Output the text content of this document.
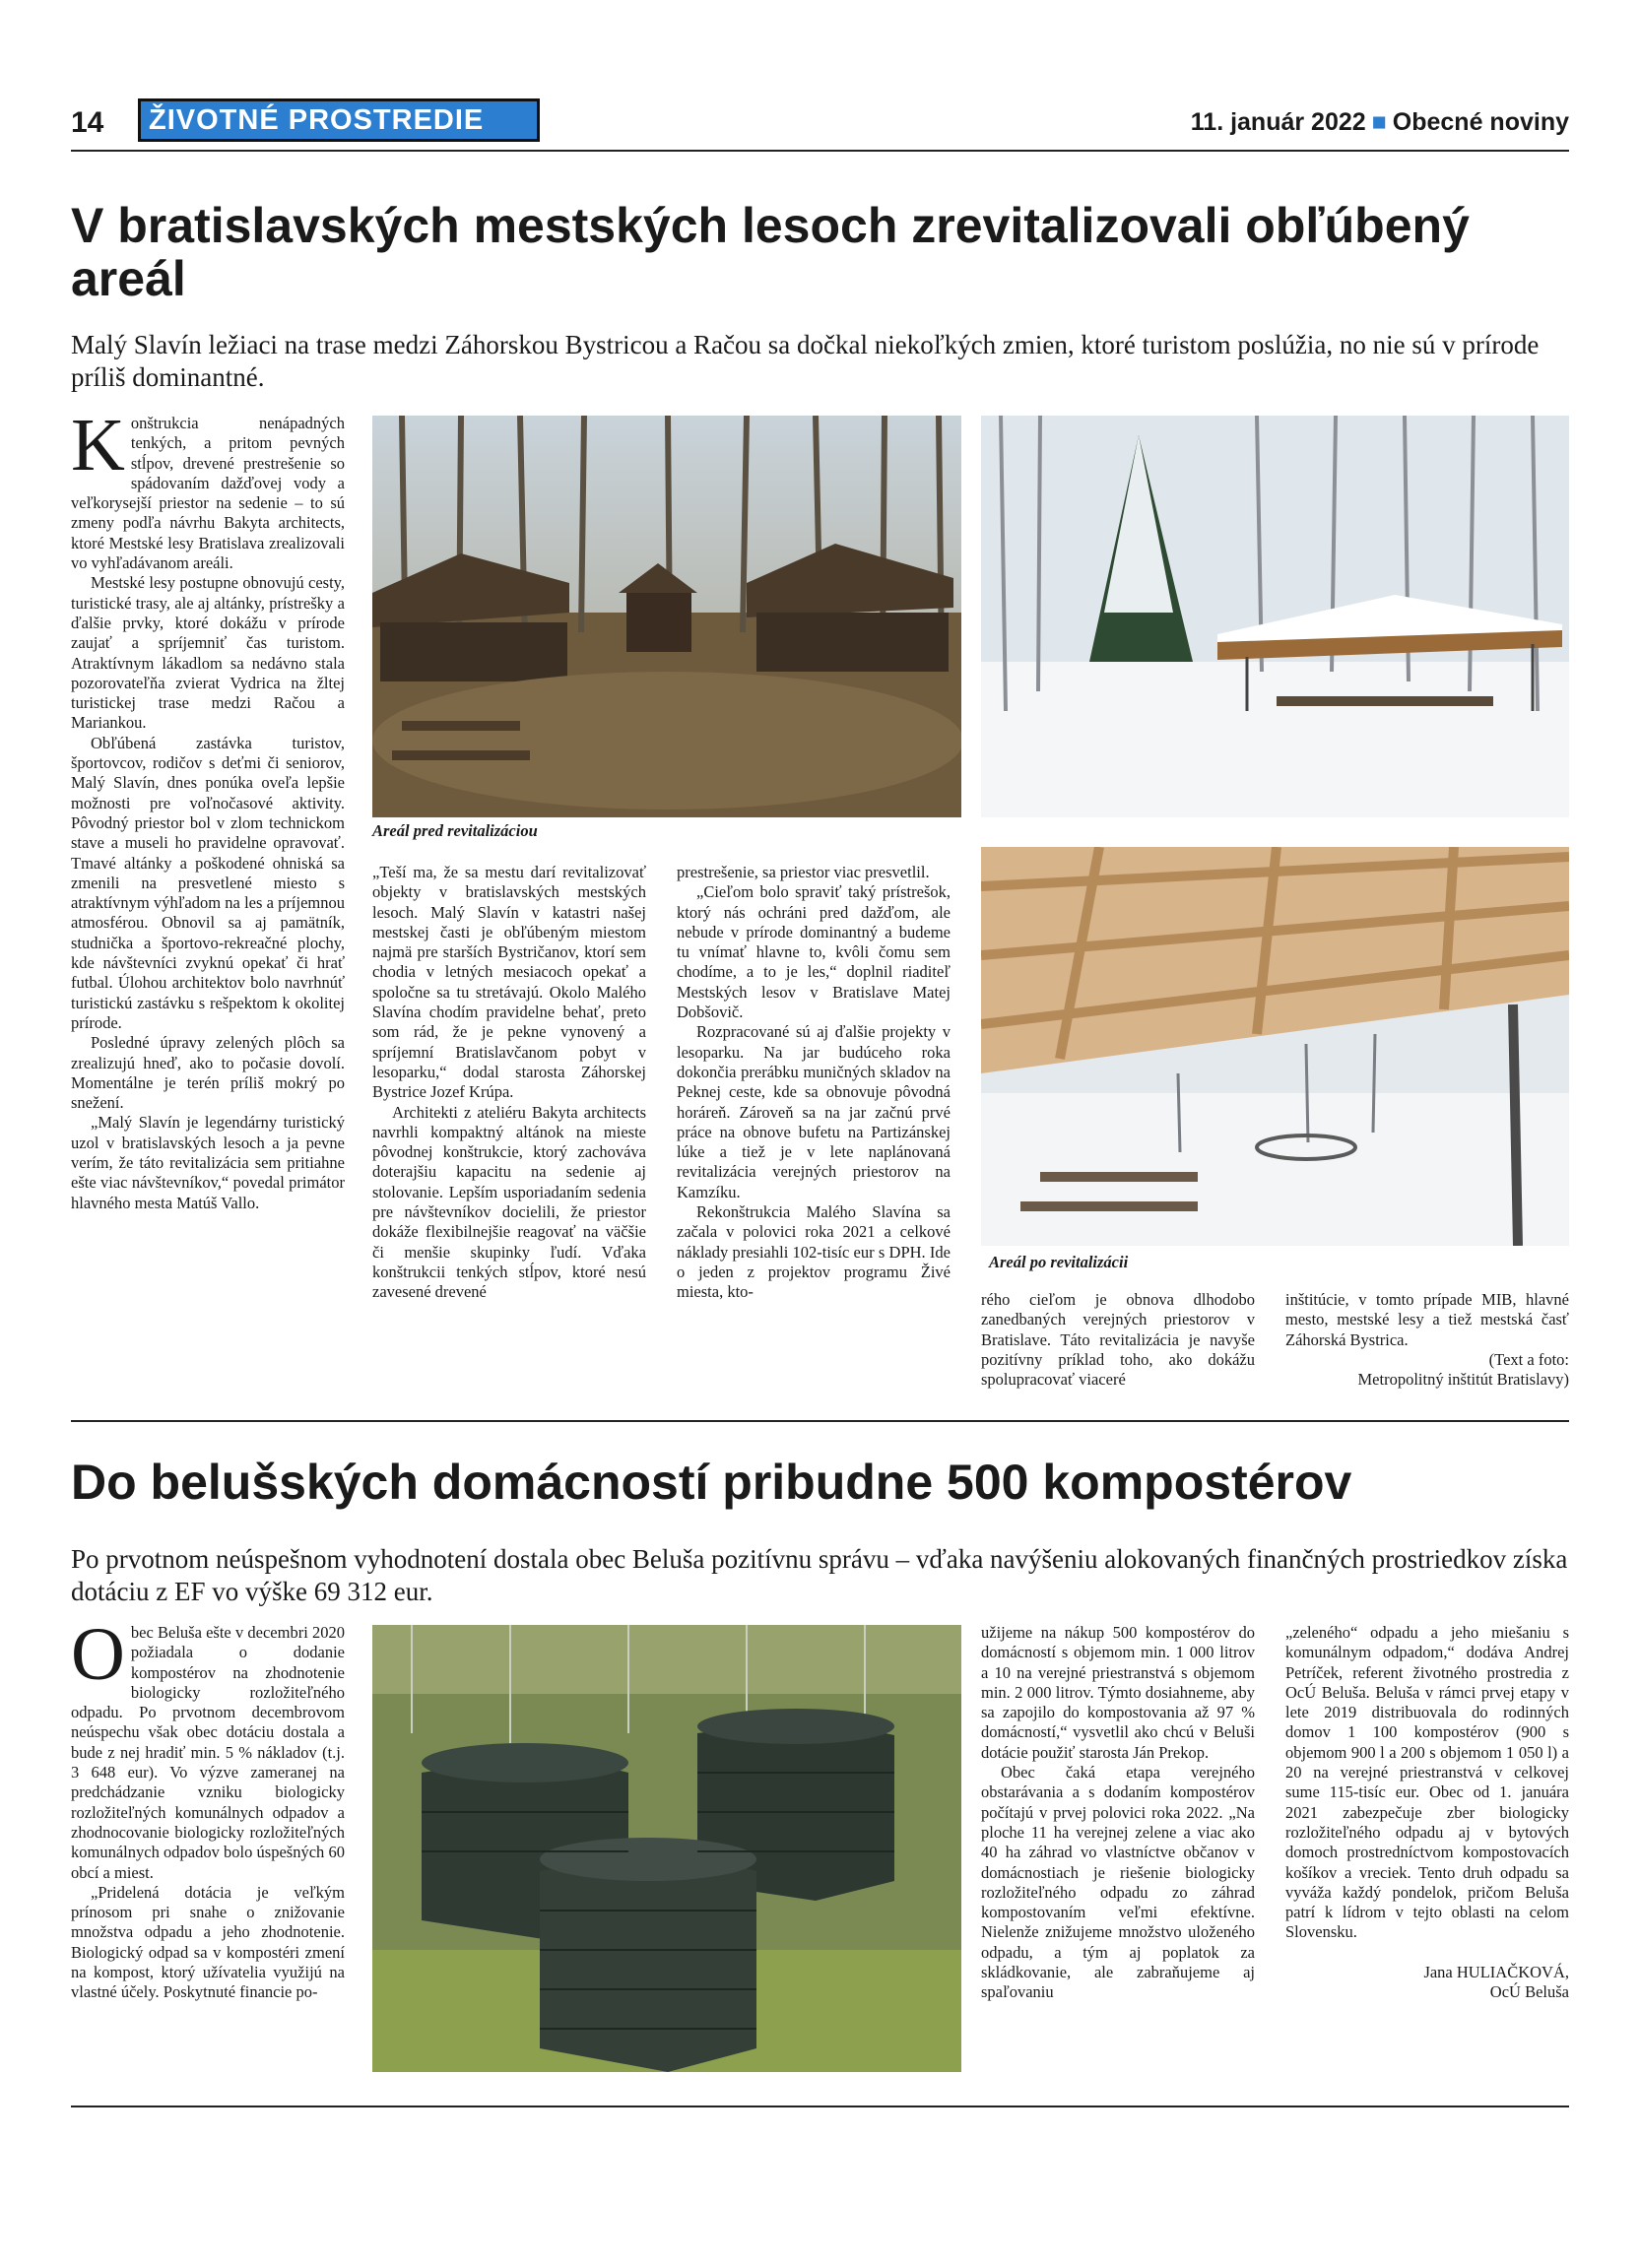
14	ŽIVOTNÉ PROSTREDIE	11. január 2022 ■ Obecné noviny
V bratislavských mestských lesoch zrevitalizovali obľúbený areál

Malý Slavín ležiaci na trase medzi Záhorskou Bystricou a Račou sa dočkal niekoľkých zmien, ktoré turistom poslúžia, no nie sú v prírode príliš dominantné.

Konštrukcia nenápadných tenkých, a pritom pevných stĺpov, drevené prestrešenie so spádovaním dažďovej vody a veľkorysejší priestor na sedenie – to sú zmeny podľa návrhu Bakyta architects, ktoré Mestské lesy Bratislava zrealizovali vo vyhľadávanom areáli.

Mestské lesy postupne obnovujú cesty, turistické trasy, ale aj altánky, prístrešky a ďalšie prvky, ktoré dokážu v prírode zaujať a spríjemniť čas turistom. Atraktívnym lákadlom sa nedávno stala pozorovateľňa zvierat Vydrica na žltej turistickej trase medzi Račou a Mariankou.

Obľúbená zastávka turistov, športovcov, rodičov s deťmi či seniorov, Malý Slavín, dnes ponúka oveľa lepšie možnosti pre voľnočasové aktivity. Pôvodný priestor bol v zlom technickom stave a museli ho pravidelne opravovať. Tmavé altánky a poškodené ohniská sa zmenili na presvetlené miesto s atraktívnym výhľadom na les a príjemnou atmosférou. Obnovil sa aj pamätník, studnička a športovo-rekreačné plochy, kde návštevníci zvyknú opekať či hrať futbal. Úlohou architektov bolo navrhnúť turistickú zastávku s rešpektom k okolitej prírode.

Posledné úpravy zelených plôch sa zrealizujú hneď, ako to počasie dovolí. Momentálne je terén príliš mokrý po snežení.

„Malý Slavín je legendárny turistický uzol v bratislavských lesoch a ja pevne verím, že táto revitalizácia sem pritiahne ešte viac návštevníkov,“ povedal primátor hlavného mesta Matúš Vallo.

Areál pred revitalizáciou
Areál po revitalizácii

„Teší ma, že sa mestu darí revitalizovať objekty v bratislavských mestských lesoch. Malý Slavín v katastri našej mestskej časti je obľúbeným miestom najmä pre starších Bystričanov, ktorí sem chodia v letných mesiacoch opekať a spoločne sa tu stretávajú. Okolo Malého Slavína chodím pravidelne behať, preto som rád, že je pekne vynovený a spríjemní Bratislavčanom pobyt v lesoparku,“ dodal starosta Záhorskej Bystrice Jozef Krúpa.

Architekti z ateliéru Bakyta architects navrhli kompaktný altánok na mieste pôvodnej konštrukcie, ktorý zachováva doterajšiu kapacitu na sedenie aj stolovanie. Lepším usporiadaním sedenia pre návštevníkov docielili, že priestor dokáže flexibilnejšie reagovať na väčšie či menšie skupinky ľudí. Vďaka konštrukcii tenkých stĺpov, ktoré nesú zavesené drevené

prestrešenie, sa priestor viac presvetlil.

„Cieľom bolo spraviť taký prístrešok, ktorý nás ochráni pred dažďom, ale nebude v prírode dominantný a budeme tu vnímať hlavne to, kvôli čomu sem chodíme, a to je les,“ doplnil riaditeľ Mestských lesov v Bratislave Matej Dobšovič.

Rozpracované sú aj ďalšie projekty v lesoparku. Na jar budúceho roka dokončia prerábku muničných skladov na Peknej ceste, kde sa obnovuje pôvodná horáreň. Zároveň sa na jar začnú prvé práce na obnove bufetu na Partizánskej lúke a tiež je v lete naplánovaná revitalizácia verejných priestorov na Kamzíku.

Rekonštrukcia Malého Slavína sa začala v polovici roka 2021 a celkové náklady presiahli 102-tisíc eur s DPH. Ide o jeden z projektov programu Živé miesta, kto-	rého cieľom je obnova dlhodobo zanedbaných verejných priestorov v Bratislave. Táto revitalizácia je navyše pozitívny príklad toho, ako dokážu spolupracovať viaceré

inštitúcie, v tomto prípade MIB, hlavné mesto, mestské lesy a tiež mestská časť Záhorská Bystrica.

(Text a foto:
Metropolitný inštitút Bratislavy)
Do belušských domácností pribudne 500 kompostérov

Po prvotnom neúspešnom vyhodnotení dostala obec Beluša pozitívnu správu – vďaka navýšeniu alokovaných finančných prostriedkov získa dotáciu z EF vo výške 69 312 eur.

Obec Beluša ešte v decembri 2020 požiadala o dodanie kompostérov na zhodnotenie biologicky rozložiteľného odpadu. Po prvotnom decembrovom neúspechu však obec dotáciu dostala a bude z nej hradiť min. 5 % nákladov (t.j. 3 648 eur). Vo výzve zameranej na predchádzanie vzniku biologicky rozložiteľných komunálnych odpadov a zhodnocovanie biologicky rozložiteľných komunálnych odpadov bolo úspešných 60 obcí a miest.

„Pridelená dotácia je veľkým prínosom pri snahe o znižovanie množstva odpadu a jeho zhodnotenie. Biologický odpad sa v kompostéri zmení na kompost, ktorý užívatelia využijú na vlastné účely. Poskytnuté financie po-

užijeme na nákup 500 kompostérov do domácností s objemom min. 1 000 litrov a 10 na verejné priestranstvá s objemom min. 2 000 litrov. Týmto dosiahneme, aby sa zapojilo do kompostovania až 97 % domácností,“ vysvetlil ako chcú v Beluši dotácie použiť starosta Ján Prekop.

Obec čaká etapa verejného obstarávania a s dodaním kompostérov počítajú v prvej polovici roka 2022. „Na ploche 11 ha verejnej zelene a viac ako 40 ha záhrad vo vlastníctve občanov v domácnostiach je riešenie biologicky rozložiteľného odpadu zo záhrad kompostovaním veľmi efektívne. Nielenže znižujeme množstvo uloženého odpadu, a tým aj poplatok za skládkovanie, ale zabraňujeme aj spaľovaniu

„zeleného“ odpadu a jeho miešaniu s komunálnym odpadom,“ dodáva Andrej Petríček, referent životného prostredia z OcÚ Beluša. Beluša v rámci prvej etapy v lete 2019 distribuovala do rodinných domov 1 100 kompostérov (900 s objemom 900 l a 200 s objemom 1 050 l) a 20 na verejné priestranstvá v celkovej sume 115-tisíc eur. Obec od 1. januára 2021 zabezpečuje zber biologicky rozložiteľného odpadu aj v bytových domoch prostredníctvom kompostovacích košíkov a vreciek. Tento druh odpadu sa vyváža každý pondelok, pričom Beluša patrí k lídrom v tejto oblasti na celom Slovensku.

Jana HULIAČKOVÁ,
OcÚ Beluša
